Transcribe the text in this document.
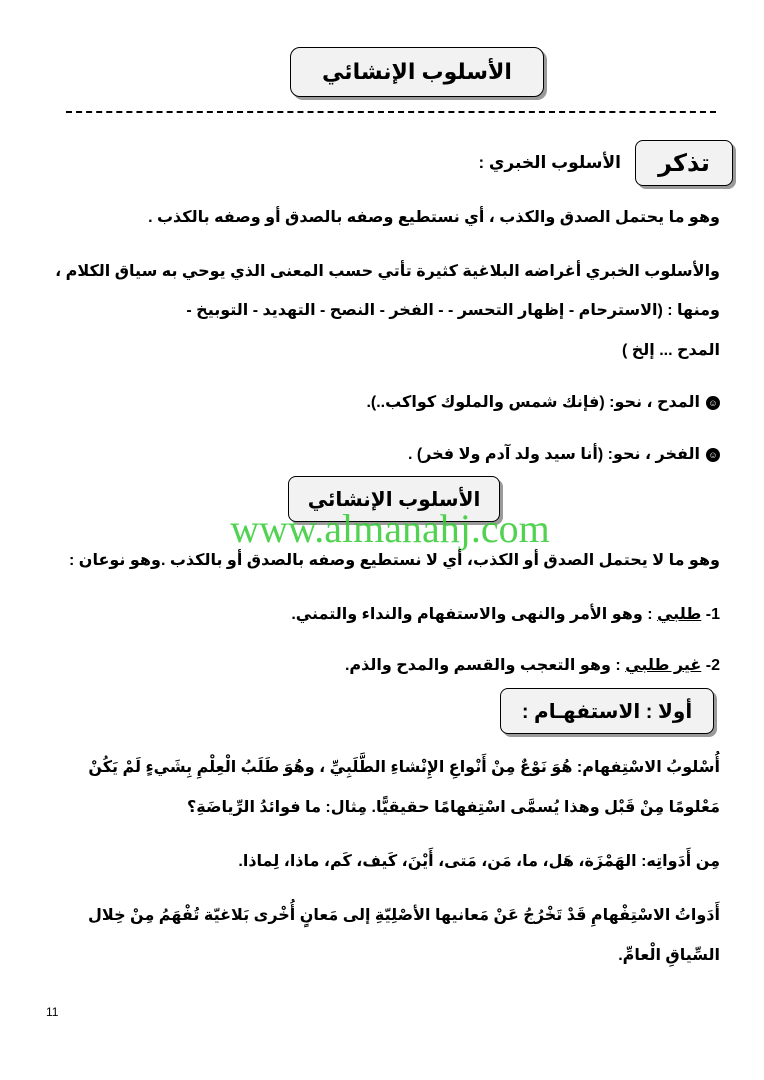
الأسلوب الإنشائي
تذكر
الأسلوب الخبري :
وهو ما يحتمل الصدق والكذب ، أي نستطيع وصفه بالصدق أو وصفه بالكذب .
والأسلوب الخبري أغراضه البلاغية كثيرة تأتي حسب المعنى الذي يوحي به سياق الكلام ،
ومنها : (الاسترحام - إظهار التحسر - - الفخر - النصح - التهديد - التوبيخ -
المدح ... إلخ )
☺المدح ، نحو: (فإنك شمس والملوك كواكب..).
☺الفخر ، نحو: (أنا سيد ولد آدم ولا فخر) .
الأسلوب الإنشائي
www.almanahj.com
وهو ما لا يحتمل الصدق أو الكذب، أي لا نستطيع وصفه بالصدق أو بالكذب .وهو نوعان :
1- طلبي : وهو الأمر والنهى والاستفهام والنداء والتمني.
2- غير طلبي : وهو التعجب والقسم والمدح والذم.
أولا : الاستفهـام :
أُسْلوبُ الاسْتِفهام: هُوَ نَوْعٌ مِنْ أَنْواعِ الإِنْشاءِ الطَّلَبِيِّ ، وهُوَ طَلَبُ الْعِلْمِ بِشَيءٍ لَمْ يَكُنْ
مَعْلومًا مِنْ قَبْل وهذا يُسمَّى اسْتِفهامًا حقيقيًّا. مِثال: ما فوائدُ الرِّياضَةِ؟
مِن أَدَواتِه: الهَمْزَة، هَل، ما، مَن، مَتى، أَيْنَ، كَيف، كَم، ماذا، لِماذا.
أَدَواتُ الاسْتِفْهامِ قَدْ تَخْرُجُ عَنْ مَعانيها الأصْلِيّةِ إلى مَعانٍ أُخْرى بَلاغيّة تُفْهَمُ مِنْ خِلال
السِّياقِ الْعامِّ.
11
